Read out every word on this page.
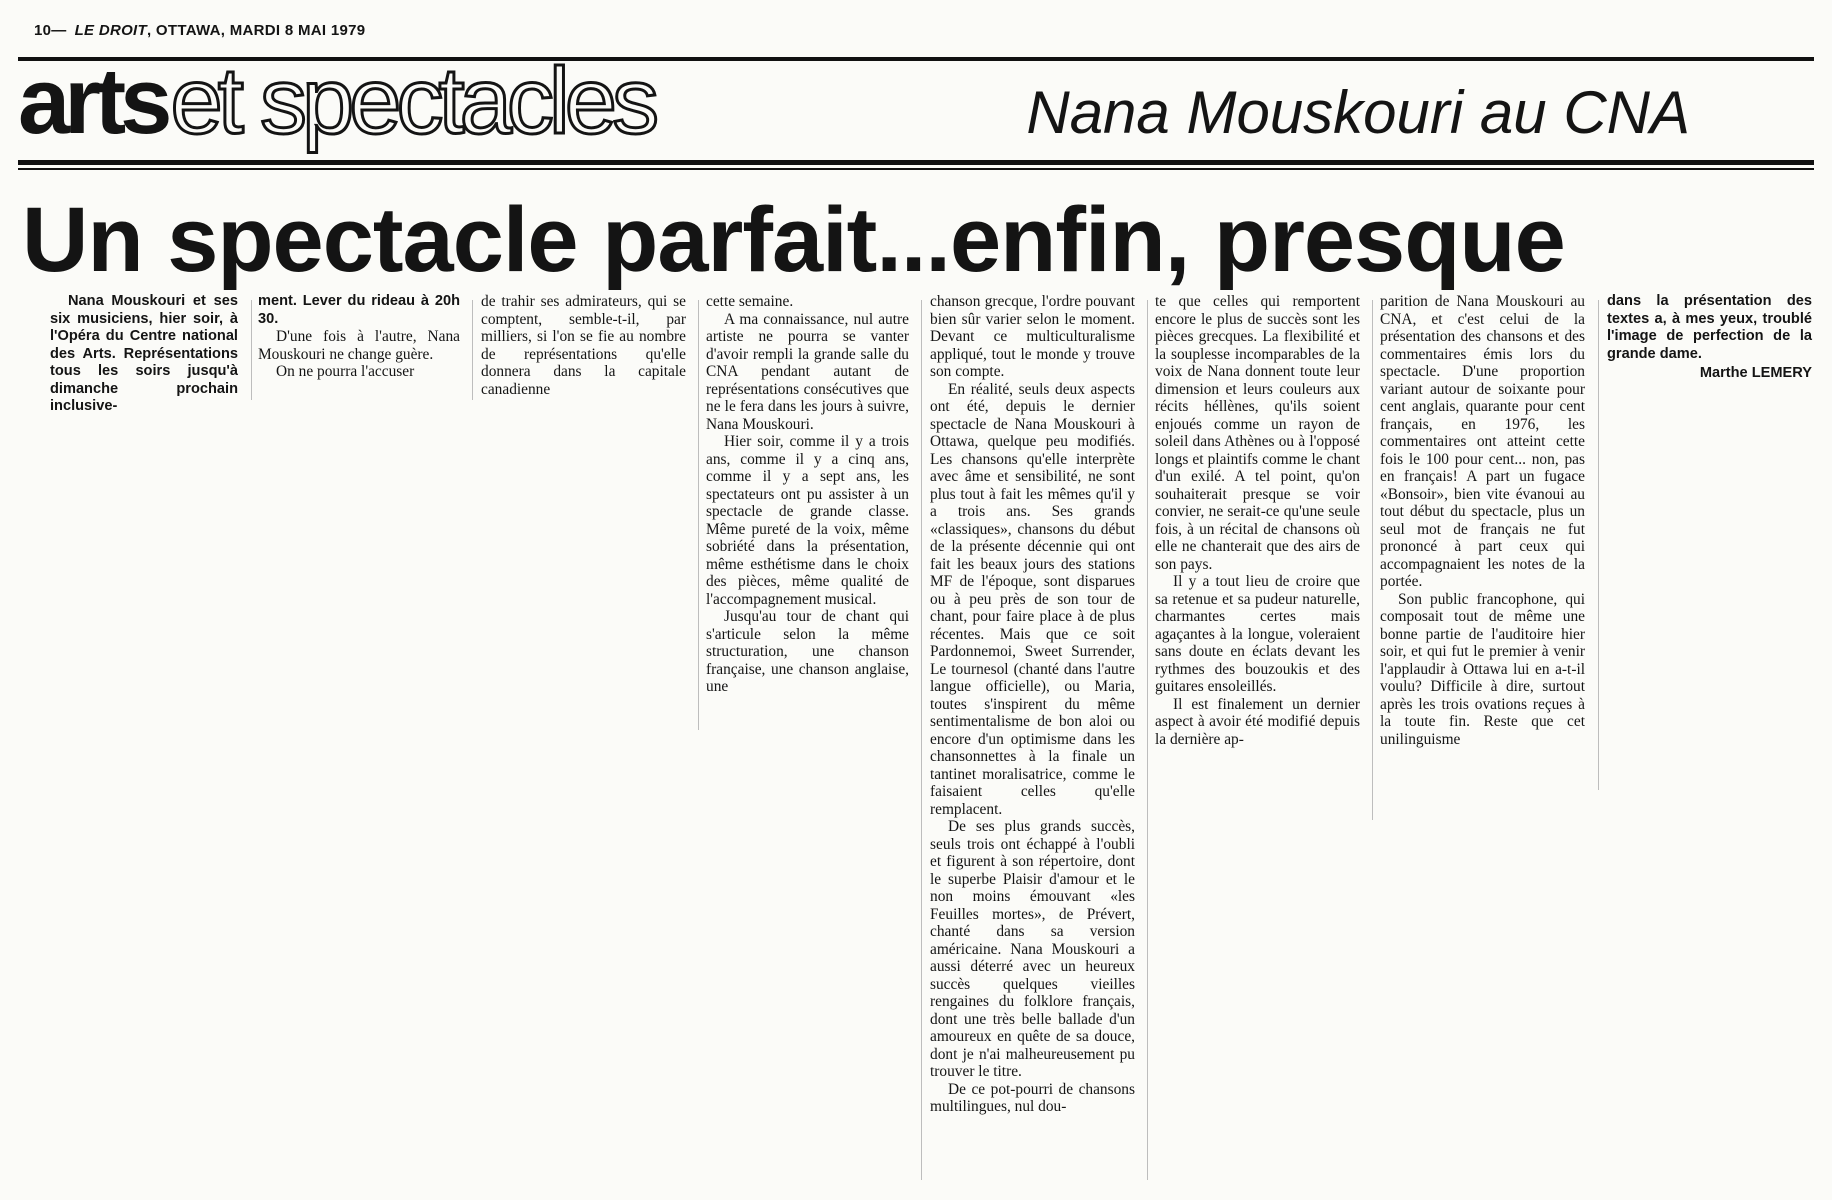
10— LE DROIT, OTTAWA, MARDI 8 MAI 1979
artset spectacles	Nana Mouskouri au CNA
Un spectacle parfait...enfin, presque

Nana Mouskouri et ses six musiciens, hier soir, à l'Opéra du Centre national des Arts. Représentations tous les soirs jusqu'à dimanche prochain inclusive-

ment. Lever du rideau à 20h 30.

D'une fois à l'autre, Nana Mouskouri ne change guère.

On ne pourra l'accuser

de trahir ses admirateurs, qui se comptent, semble-t-il, par milliers, si l'on se fie au nombre de représentations qu'elle donnera dans la capitale canadienne

cette semaine.

A ma connaissance, nul autre artiste ne pourra se vanter d'avoir rempli la grande salle du CNA pendant autant de représentations consécutives que ne le fera dans les jours à suivre, Nana Mouskouri.

Hier soir, comme il y a trois ans, comme il y a cinq ans, comme il y a sept ans, les spectateurs ont pu assister à un spectacle de grande classe. Même pureté de la voix, même sobriété dans la présentation, même esthétisme dans le choix des pièces, même qualité de l'accompagnement musical.

Jusqu'au tour de chant qui s'articule selon la même structuration, une chanson française, une chanson anglaise, une

chanson grecque, l'ordre pouvant bien sûr varier selon le moment. Devant ce multiculturalisme appliqué, tout le monde y trouve son compte.

En réalité, seuls deux aspects ont été, depuis le dernier spectacle de Nana Mouskouri à Ottawa, quelque peu modifiés. Les chansons qu'elle interprète avec âme et sensibilité, ne sont plus tout à fait les mêmes qu'il y a trois ans. Ses grands «classiques», chansons du début de la présente décennie qui ont fait les beaux jours des stations MF de l'époque, sont disparues ou à peu près de son tour de chant, pour faire place à de plus récentes. Mais que ce soit Pardonnemoi, Sweet Surrender, Le tournesol (chanté dans l'autre langue officielle), ou Maria, toutes s'inspirent du même sentimentalisme de bon aloi ou encore d'un optimisme dans les chansonnettes à la finale un tantinet moralisatrice, comme le faisaient celles qu'elle remplacent.

De ses plus grands succès, seuls trois ont échappé à l'oubli et figurent à son répertoire, dont le superbe Plaisir d'amour et le non moins émouvant «les Feuilles mortes», de Prévert, chanté dans sa version américaine. Nana Mouskouri a aussi déterré avec un heureux succès quelques vieilles rengaines du folklore français, dont une très belle ballade d'un amoureux en quête de sa douce, dont je n'ai malheureusement pu trouver le titre.

De ce pot-pourri de chansons multilingues, nul dou-

te que celles qui remportent encore le plus de succès sont les pièces grecques. La flexibilité et la souplesse incomparables de la voix de Nana donnent toute leur dimension et leurs couleurs aux récits héllènes, qu'ils soient enjoués comme un rayon de soleil dans Athènes ou à l'opposé longs et plaintifs comme le chant d'un exilé. A tel point, qu'on souhaiterait presque se voir convier, ne serait-ce qu'une seule fois, à un récital de chansons où elle ne chanterait que des airs de son pays.

Il y a tout lieu de croire que sa retenue et sa pudeur naturelle, charmantes certes mais agaçantes à la longue, voleraient sans doute en éclats devant les rythmes des bouzoukis et des guitares ensoleillés.

Il est finalement un dernier aspect à avoir été modifié depuis la dernière ap-

parition de Nana Mouskouri au CNA, et c'est celui de la présentation des chansons et des commentaires émis lors du spectacle. D'une proportion variant autour de soixante pour cent anglais, quarante pour cent français, en 1976, les commentaires ont atteint cette fois le 100 pour cent... non, pas en français! A part un fugace «Bonsoir», bien vite évanoui au tout début du spectacle, plus un seul mot de français ne fut prononcé à part ceux qui accompagnaient les notes de la portée.

Son public francophone, qui composait tout de même une bonne partie de l'auditoire hier soir, et qui fut le premier à venir l'applaudir à Ottawa lui en a-t-il voulu? Difficile à dire, surtout après les trois ovations reçues à la toute fin. Reste que cet unilinguisme

dans la présentation des textes a, à mes yeux, troublé l'image de perfection de la grande dame.

Marthe LEMERY
